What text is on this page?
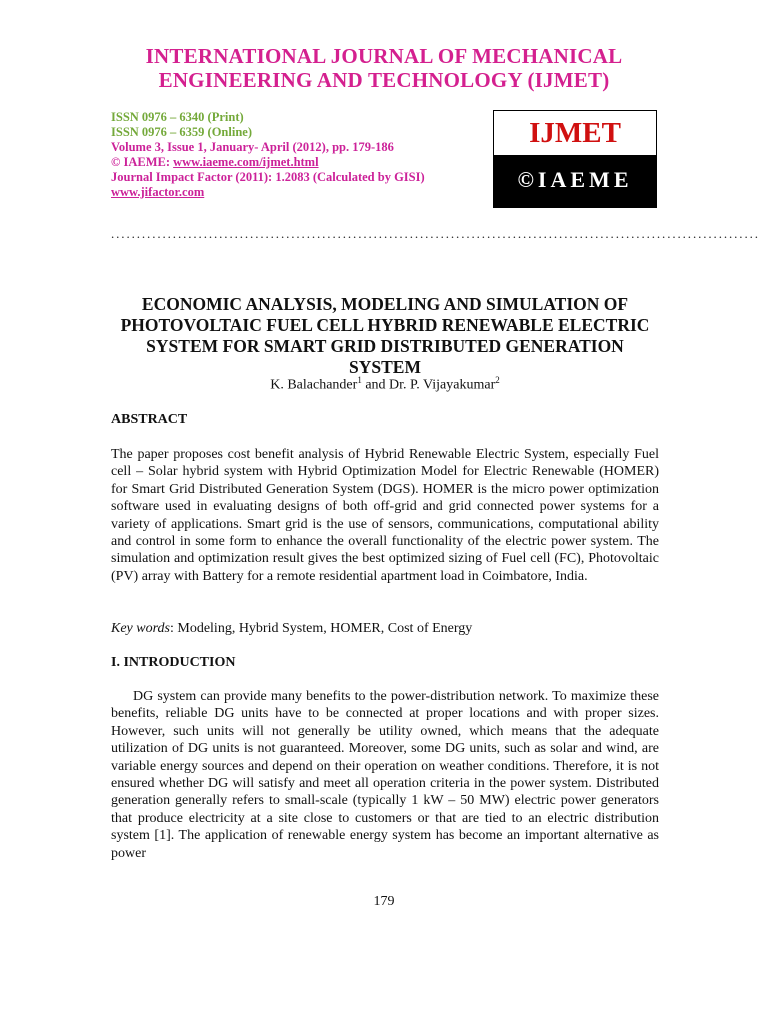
INTERNATIONAL JOURNAL OF MECHANICAL
ENGINEERING AND TECHNOLOGY (IJMET)
ISSN 0976 – 6340 (Print)
ISSN 0976 – 6359 (Online)
Volume 3, Issue 1, January- April (2012), pp. 179-186
© IAEME: www.iaeme.com/ijmet.html
Journal Impact Factor (2011): 1.2083 (Calculated by GISI)
www.jifactor.com
IJMET
©IAEME
..............................................................................................................................
ECONOMIC ANALYSIS, MODELING AND SIMULATION OF
PHOTOVOLTAIC FUEL CELL HYBRID RENEWABLE ELECTRIC
SYSTEM FOR SMART GRID DISTRIBUTED GENERATION
SYSTEM
K. Balachander$^1$ and Dr. P. Vijayakumar$^2$
ABSTRACT
The paper proposes cost benefit analysis of Hybrid Renewable Electric System, especially Fuel cell – Solar hybrid system with Hybrid Optimization Model for Electric Renewable (HOMER) for Smart Grid Distributed Generation System (DGS). HOMER is the micro power optimization software used in evaluating designs of both off-grid and grid connected power systems for a variety of applications. Smart grid is the use of sensors, communications, computational ability and control in some form to enhance the overall functionality of the electric power system. The simulation and optimization result gives the best optimized sizing of Fuel cell (FC), Photovoltaic (PV) array with Battery for a remote residential apartment load in Coimbatore, India.
Key words: Modeling, Hybrid System, HOMER, Cost of Energy
I. INTRODUCTION
DG system can provide many benefits to the power-distribution network. To maximize these benefits, reliable DG units have to be connected at proper locations and with proper sizes. However, such units will not generally be utility owned, which means that the adequate utilization of DG units is not guaranteed. Moreover, some DG units, such as solar and wind, are variable energy sources and depend on their operation on weather conditions. Therefore, it is not ensured whether DG will satisfy and meet all operation criteria in the power system. Distributed generation generally refers to small-scale (typically 1 kW – 50 MW) electric power generators that produce electricity at a site close to customers or that are tied to an electric distribution system [1]. The application of renewable energy system has become an important alternative as power
179
